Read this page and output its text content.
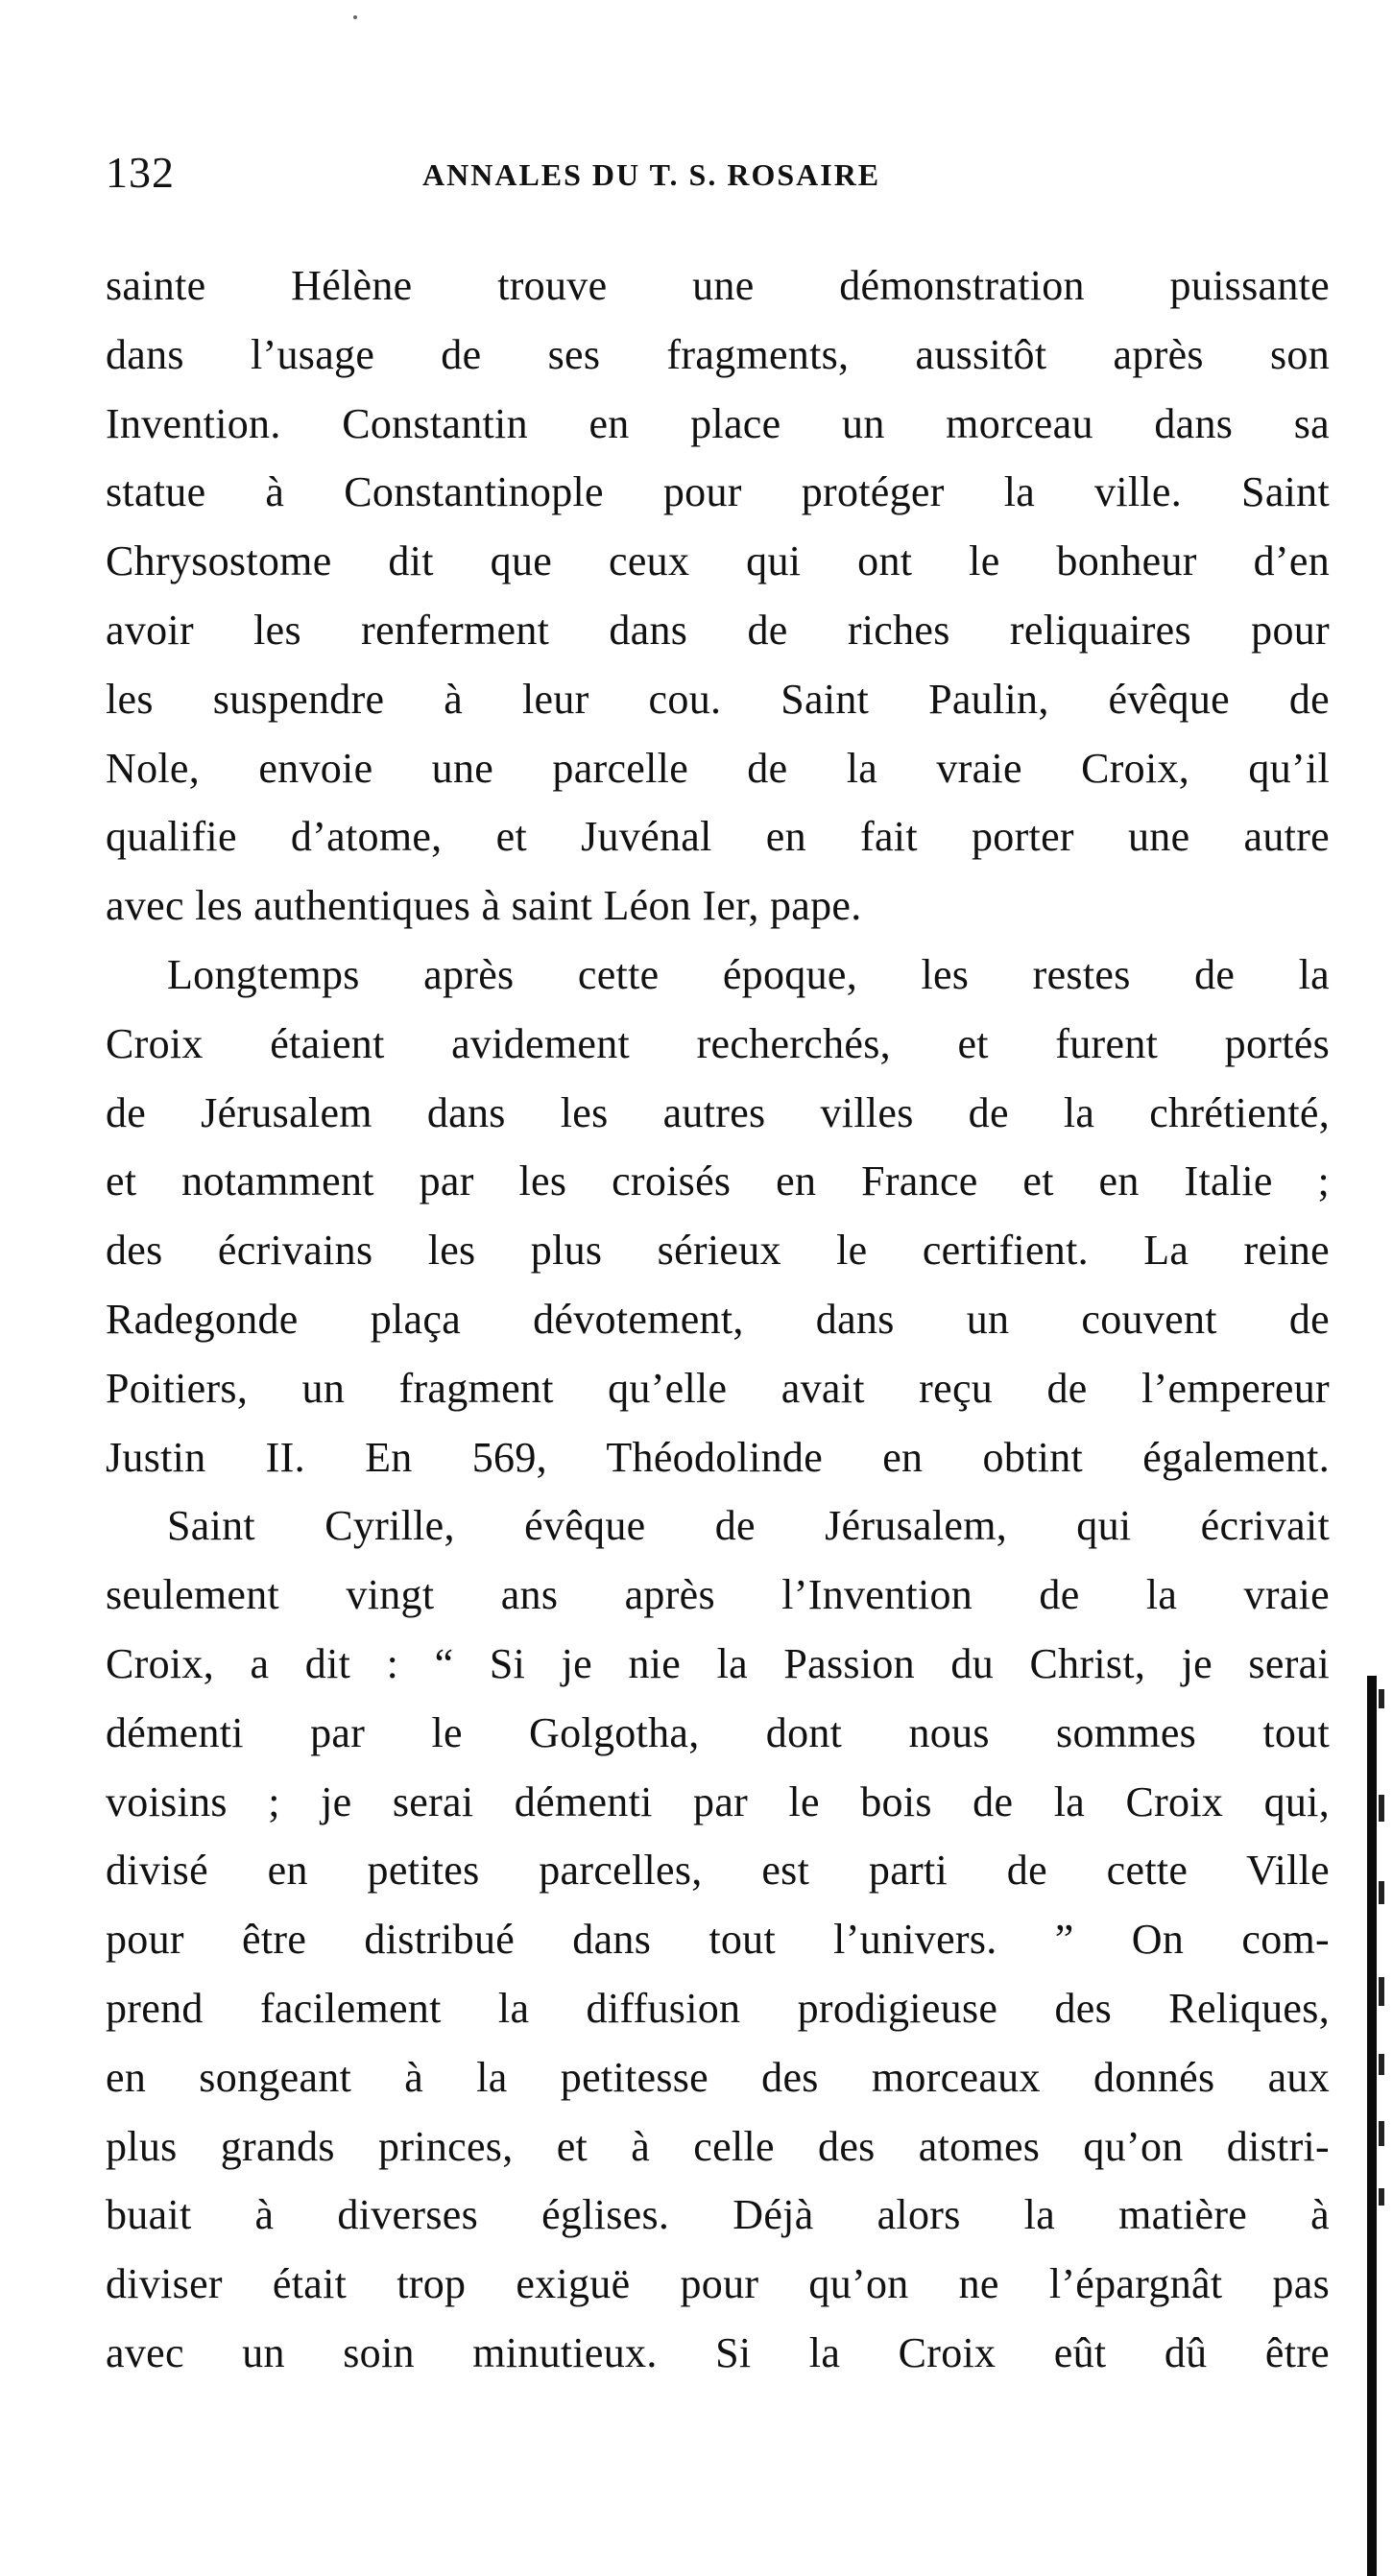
132	ANNALES DU T. S. ROSAIRE
sainte Hélène trouve une démonstration puissante
dans l’usage de ses fragments, aussitôt après son
Invention. Constantin en place un morceau dans sa
statue à Constantinople pour protéger la ville. Saint
Chrysostome dit que ceux qui ont le bonheur d’en
avoir les renferment dans de riches reliquaires pour
les suspendre à leur cou. Saint Paulin, évêque de
Nole, envoie une parcelle de la vraie Croix, qu’il
qualifie d’atome, et Juvénal en fait porter une autre
avec les authentiques à saint Léon Ier, pape.
Longtemps après cette époque, les restes de la
Croix étaient avidement recherchés, et furent portés
de Jérusalem dans les autres villes de la chrétienté,
et notamment par les croisés en France et en Italie ;
des écrivains les plus sérieux le certifient. La reine
Radegonde plaça dévotement, dans un couvent de
Poitiers, un fragment qu’elle avait reçu de l’empereur
Justin II. En 569, Théodolinde en obtint également.
Saint Cyrille, évêque de Jérusalem, qui écrivait
seulement vingt ans après l’Invention de la vraie
Croix, a dit : “ Si je nie la Passion du Christ, je serai
démenti par le Golgotha, dont nous sommes tout
voisins ; je serai démenti par le bois de la Croix qui,
divisé en petites parcelles, est parti de cette Ville
pour être distribué dans tout l’univers. ” On com-
prend facilement la diffusion prodigieuse des Reliques,
en songeant à la petitesse des morceaux donnés aux
plus grands princes, et à celle des atomes qu’on distri-
buait à diverses églises. Déjà alors la matière à
diviser était trop exiguë pour qu’on ne l’épargnât pas
avec un soin minutieux. Si la Croix eût dû être
